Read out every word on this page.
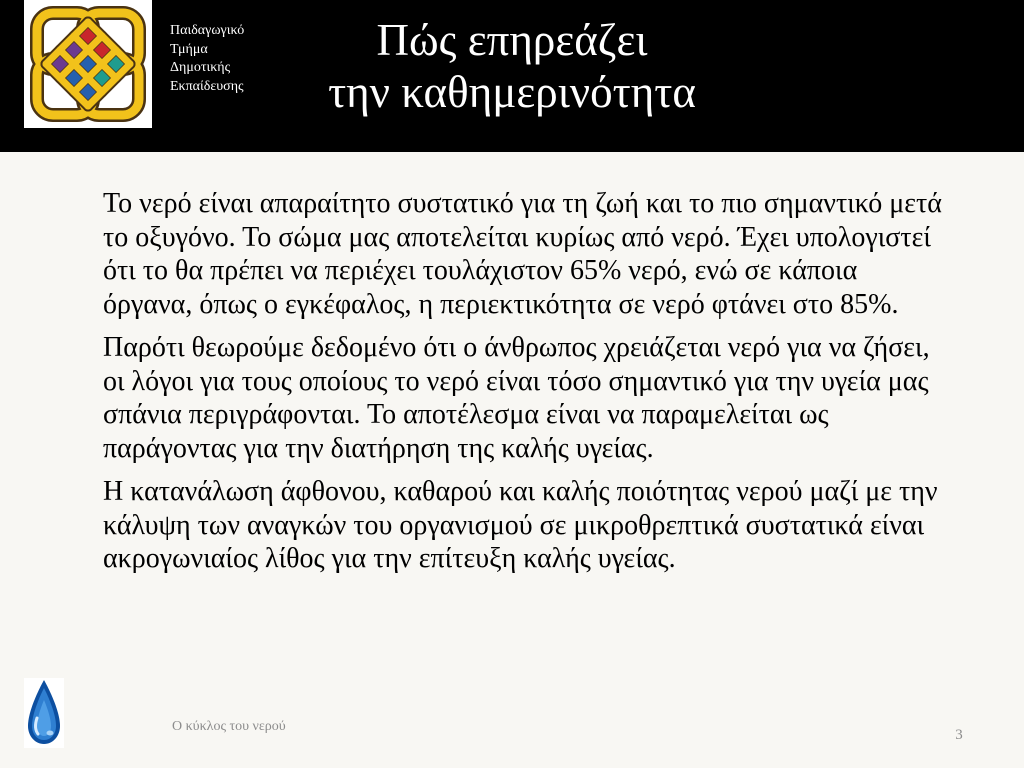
Παιδαγωγικό
Τμήμα
Δημοτικής
Εκπαίδευσης
Πώς επηρεάζει
την καθημερινότητα
Το νερό είναι απαραίτητο συστατικό για τη ζωή και το πιο σημαντικό μετά
το οξυγόνο. Το σώμα μας αποτελείται κυρίως από νερό. Έχει υπολογιστεί
ότι το θα πρέπει να περιέχει τουλάχιστον 65% νερό, ενώ σε κάποια
όργανα, όπως ο εγκέφαλος, η περιεκτικότητα σε νερό φτάνει στο 85%.
Παρότι θεωρούμε δεδομένο ότι ο άνθρωπος χρειάζεται νερό για να ζήσει,
οι λόγοι για τους οποίους το νερό είναι τόσο σημαντικό για την υγεία μας
σπάνια περιγράφονται. Το αποτέλεσμα είναι να παραμελείται ως
παράγοντας για την διατήρηση της καλής υγείας.
Η κατανάλωση άφθονου, καθαρού και καλής ποιότητας νερού μαζί με την
κάλυψη των αναγκών του οργανισμού σε μικροθρεπτικά συστατικά είναι
ακρογωνιαίος λίθος για την επίτευξη καλής υγείας.
Ο κύκλος του νερού
3
